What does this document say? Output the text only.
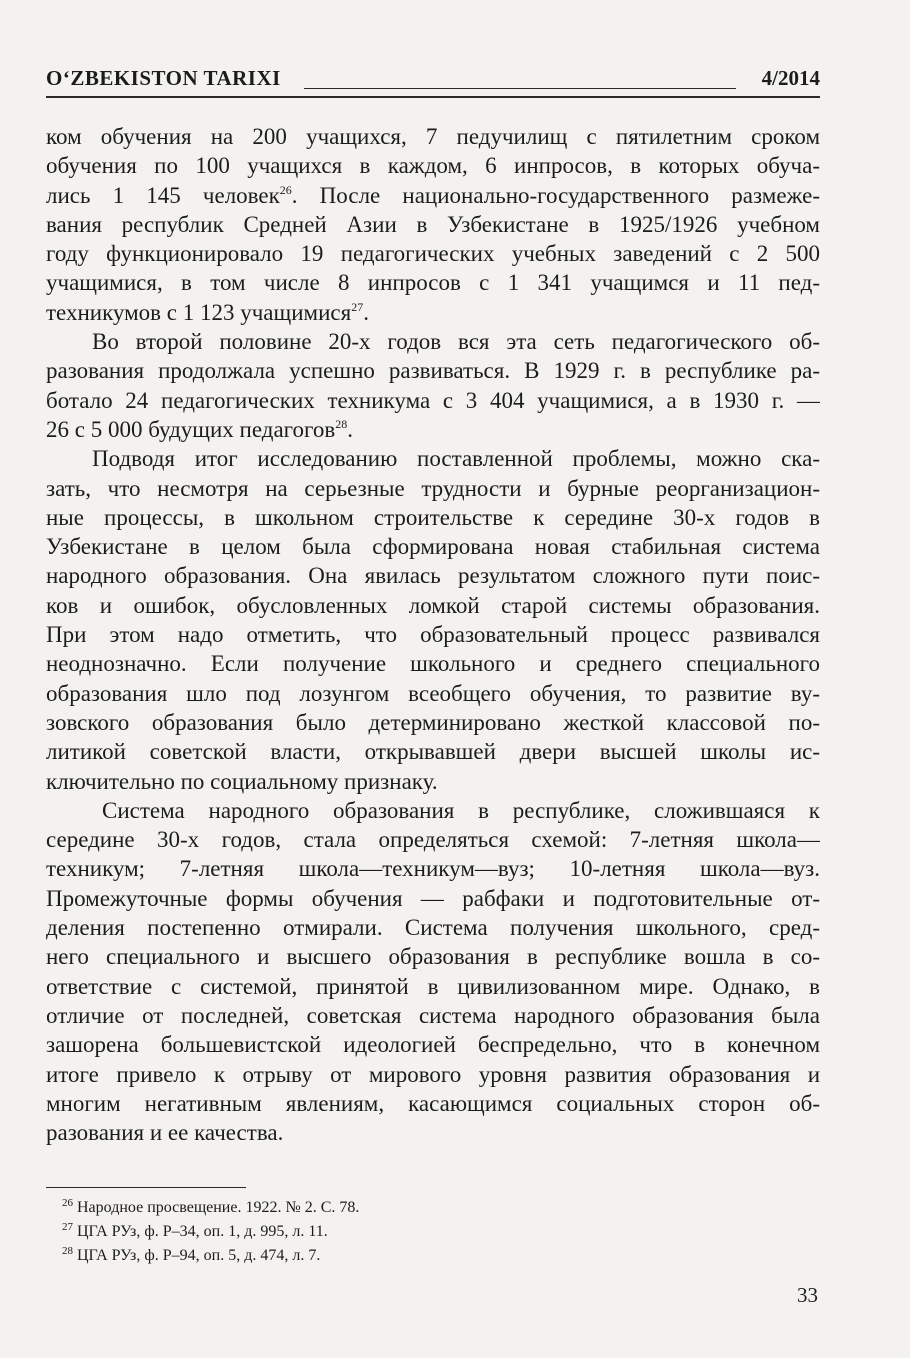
O‘ZBEKISTON TARIXI	4/2014
ком обучения на 200 учащихся, 7 педучилищ с пятилетним сроком
обучения по 100 учащихся в каждом, 6 инпросов, в которых обуча-
лись 1 145 человек$^{26}$. После национально-государственного размеже-
вания республик Средней Азии в Узбекистане в 1925/1926 учебном
году функционировало 19 педагогических учебных заведений с 2 500
учащимися, в том числе 8 инпросов с 1 341 учащимся и 11 пед-
техникумов с 1 123 учащимися$^{27}$.
Во второй половине 20-х годов вся эта сеть педагогического об-
разования продолжала успешно развиваться. В 1929 г. в республике ра-
ботало 24 педагогических техникума с 3 404 учащимися, а в 1930 г. —
26 с 5 000 будущих педагогов$^{28}$.
Подводя итог исследованию поставленной проблемы, можно ска-
зать, что несмотря на серьезные трудности и бурные реорганизацион-
ные процессы, в школьном строительстве к середине 30-х годов в
Узбекистане в целом была сформирована новая стабильная система
народного образования. Она явилась результатом сложного пути поис-
ков и ошибок, обусловленных ломкой старой системы образования.
При этом надо отметить, что образовательный процесс развивался
неоднозначно. Если получение школьного и среднего специального
образования шло под лозунгом всеобщего обучения, то развитие ву-
зовского образования было детерминировано жесткой классовой по-
литикой советской власти, открывавшей двери высшей школы ис-
ключительно по социальному признаку.
Система народного образования в республике, сложившаяся к
середине 30-х годов, стала определяться схемой: 7-летняя школа—
техникум; 7-летняя школа—техникум—вуз; 10-летняя школа—вуз.
Промежуточные формы обучения — рабфаки и подготовительные от-
деления постепенно отмирали. Система получения школьного, сред-
него специального и высшего образования в республике вошла в со-
ответствие с системой, принятой в цивилизованном мире. Однако, в
отличие от последней, советская система народного образования была
зашорена большевистской идеологией беспредельно, что в конечном
итоге привело к отрыву от мирового уровня развития образования и
многим негативным явлениям, касающимся социальных сторон об-
разования и ее качества.
$^{26}$ Народное просвещение. 1922. № 2. С. 78.
$^{27}$ ЦГА РУз, ф. Р–34, оп. 1, д. 995, л. 11.
$^{28}$ ЦГА РУз, ф. Р–94, оп. 5, д. 474, л. 7.
33
